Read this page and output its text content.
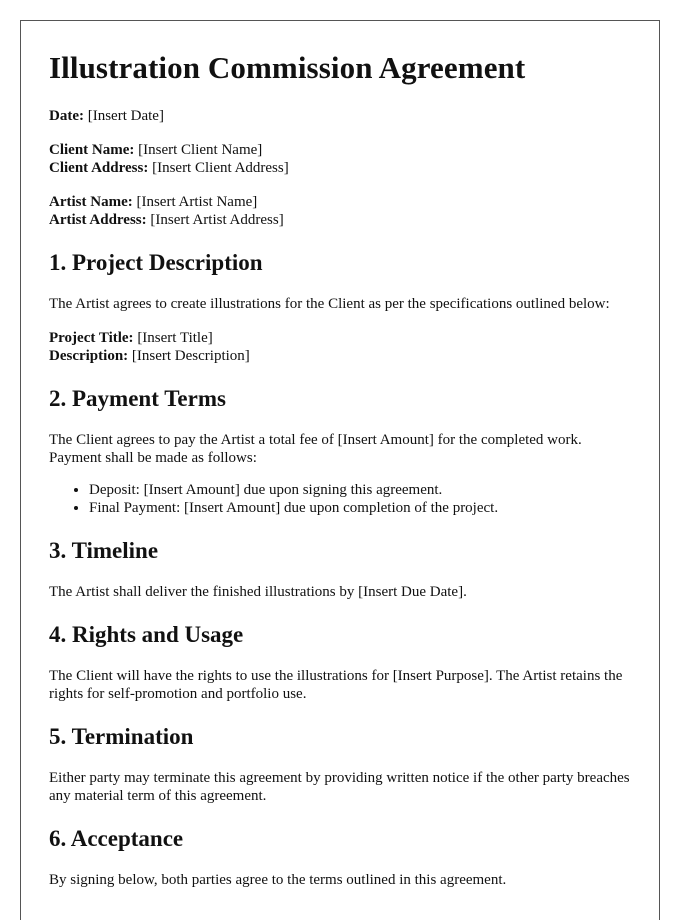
Illustration Commission Agreement

Date: [Insert Date]

Client Name: [Insert Client Name]
Client Address: [Insert Client Address]
Artist Name: [Insert Artist Name]
Artist Address: [Insert Artist Address]
1. Project Description

The Artist agrees to create illustrations for the Client as per the specifications outlined below:

Project Title: [Insert Title]
Description: [Insert Description]
2. Payment Terms

The Client agrees to pay the Artist a total fee of [Insert Amount] for the completed work. Payment shall be made as follows:

• Deposit: [Insert Amount] due upon signing this agreement.
• Final Payment: [Insert Amount] due upon completion of the project.
3. Timeline

The Artist shall deliver the finished illustrations by [Insert Due Date].

4. Rights and Usage

The Client will have the rights to use the illustrations for [Insert Purpose]. The Artist retains the rights for self-promotion and portfolio use.

5. Termination

Either party may terminate this agreement by providing written notice if the other party breaches any material term of this agreement.

6. Acceptance

By signing below, both parties agree to the terms outlined in this agreement.
